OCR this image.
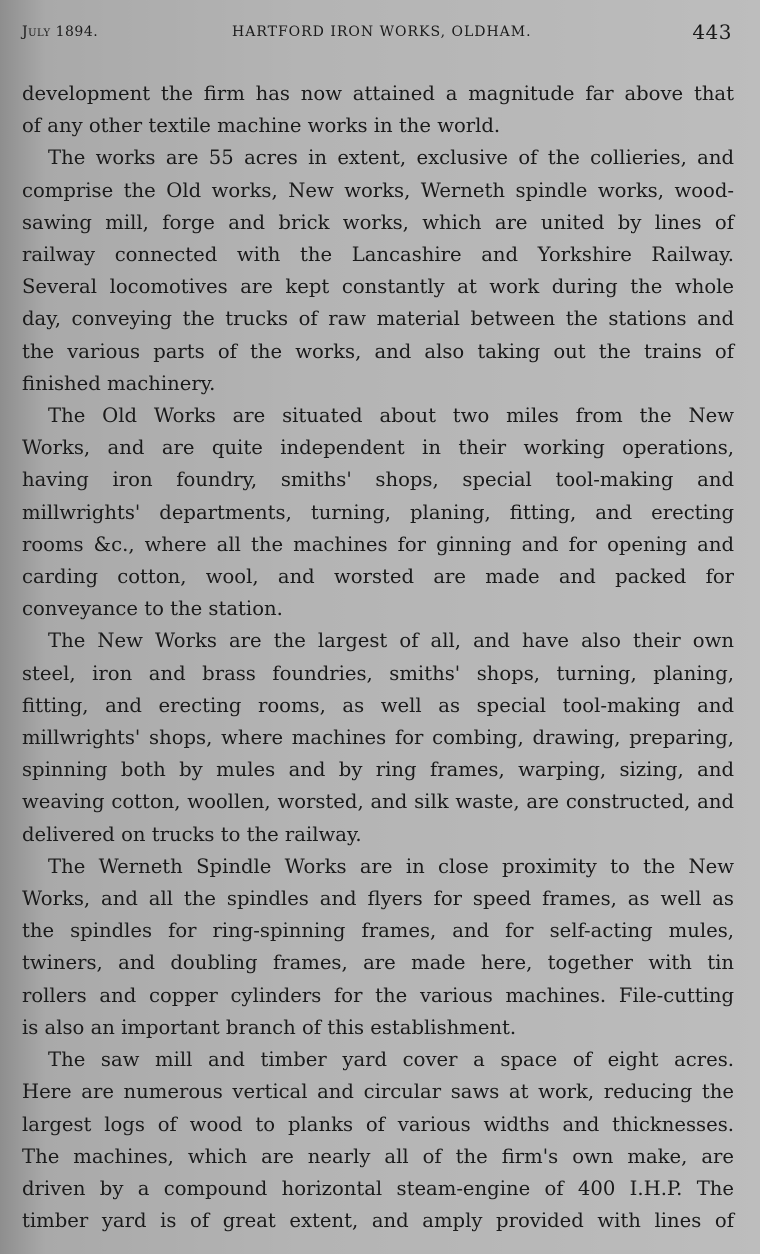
July 1894.	HARTFORD IRON WORKS, OLDHAM.	443

development the firm has now attained a magnitude far above that
of any other textile machine works in the world.

The works are 55 acres in extent, exclusive of the collieries, and
comprise the Old works, New works, Werneth spindle works, wood-
sawing mill, forge and brick works, which are united by lines of
railway connected with the Lancashire and Yorkshire Railway.
Several locomotives are kept constantly at work during the whole
day, conveying the trucks of raw material between the stations and
the various parts of the works, and also taking out the trains of
finished machinery.

The Old Works are situated about two miles from the New
Works, and are quite independent in their working operations,
having iron foundry, smiths' shops, special tool-making and
millwrights' departments, turning, planing, fitting, and erecting
rooms &c., where all the machines for ginning and for opening and
carding cotton, wool, and worsted are made and packed for
conveyance to the station.

The New Works are the largest of all, and have also their own
steel, iron and brass foundries, smiths' shops, turning, planing,
fitting, and erecting rooms, as well as special tool-making and
millwrights' shops, where machines for combing, drawing, preparing,
spinning both by mules and by ring frames, warping, sizing, and
weaving cotton, woollen, worsted, and silk waste, are constructed, and
delivered on trucks to the railway.

The Werneth Spindle Works are in close proximity to the New
Works, and all the spindles and flyers for speed frames, as well as
the spindles for ring-spinning frames, and for self-acting mules,
twiners, and doubling frames, are made here, together with tin
rollers and copper cylinders for the various machines. File-cutting
is also an important branch of this establishment.

The saw mill and timber yard cover a space of eight acres.
Here are numerous vertical and circular saws at work, reducing the
largest logs of wood to planks of various widths and thicknesses.
The machines, which are nearly all of the firm's own make, are
driven by a compound horizontal steam-engine of 400 I.H.P. The
timber yard is of great extent, and amply provided with lines of
